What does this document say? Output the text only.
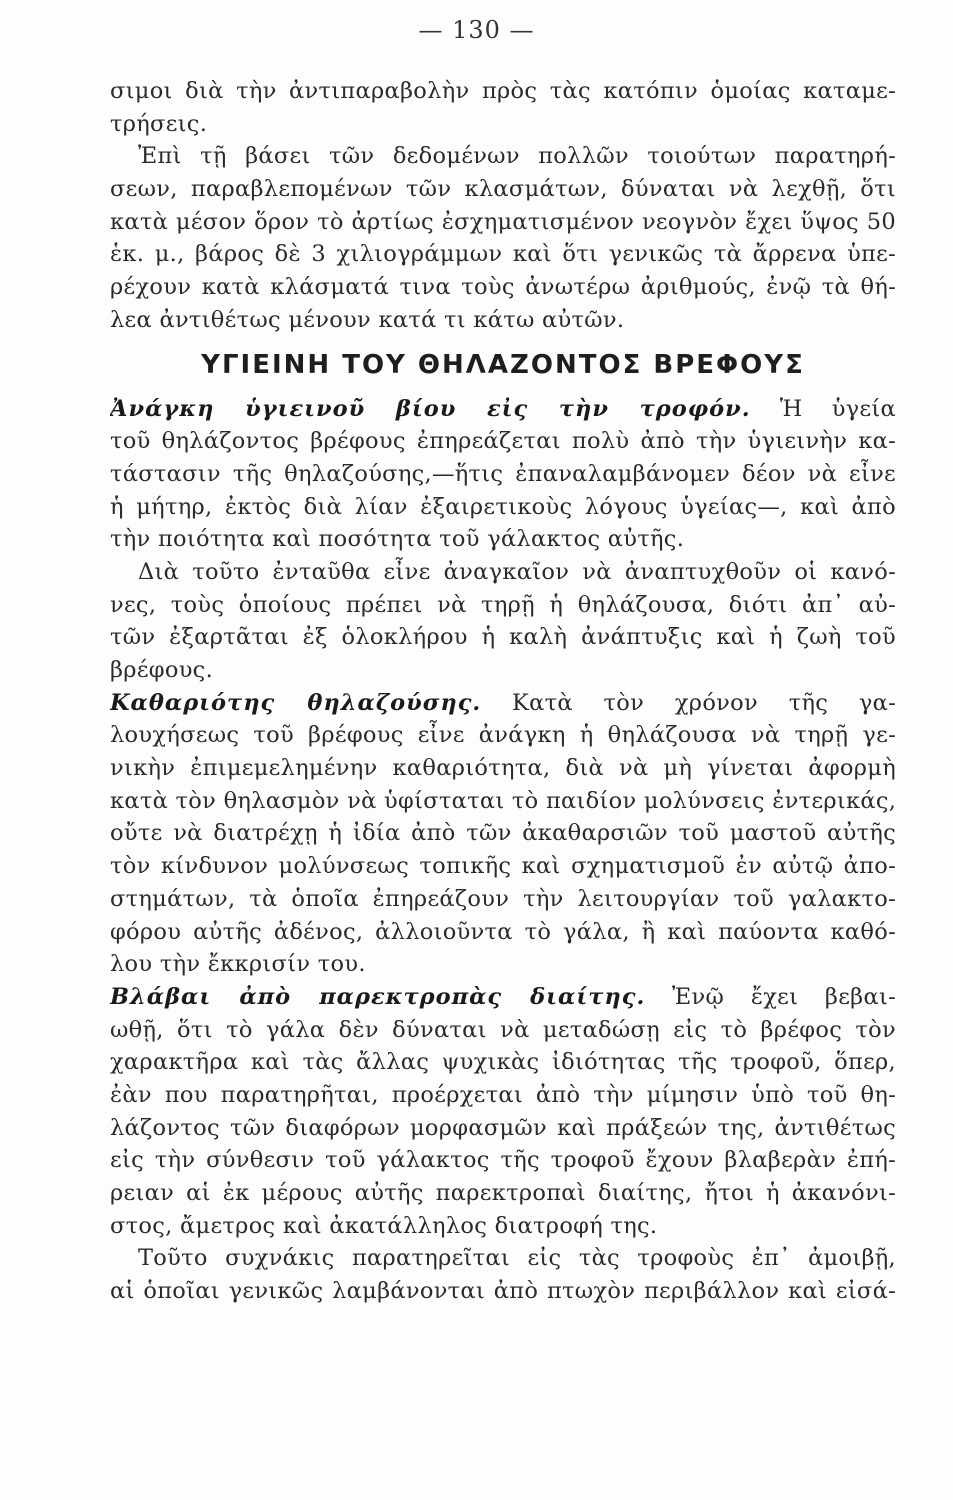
— 130 —
σιμοι διὰ τὴν ἀντιπαραβολὴν πρὸς τὰς κατόπιν ὁμοίας καταμε-
τρήσεις.
Ἐπὶ τῇ βάσει τῶν δεδομένων πολλῶν τοιούτων παρατηρή-
σεων, παραβλεπομένων τῶν κλασμάτων, δύναται νὰ λεχθῇ, ὅτι
κατὰ μέσον ὅρον τὸ ἀρτίως ἐσχηματισμένον νεογνὸν ἔχει ὕψος 50
ἑκ. μ., βάρος δὲ 3 χιλιογράμμων καὶ ὅτι γενικῶς τὰ ἄρρενα ὑπε-
ρέχουν κατὰ κλάσματά τινα τοὺς ἀνωτέρω ἀριθμούς, ἐνῷ τὰ θή-
λεα ἀντιθέτως μένουν κατά τι κάτω αὐτῶν.
ΥΓΙΕΙΝΗ ΤΟΥ ΘΗΛΑΖΟΝΤΟΣ ΒΡΕΦΟΥΣ
Ἀνάγκη ὑγιεινοῦ βίου εἰς τὴν τροφόν. Ἡ ὑγεία
τοῦ θηλάζοντος βρέφους ἐπηρεάζεται πολὺ ἀπὸ τὴν ὑγιεινὴν κα-
τάστασιν τῆς θηλαζούσης,—ἥτις ἐπαναλαμβάνομεν δέον νὰ εἶνε
ἡ μήτηρ, ἐκτὸς διὰ λίαν ἐξαιρετικοὺς λόγους ὑγείας—, καὶ ἀπὸ
τὴν ποιότητα καὶ ποσότητα τοῦ γάλακτος αὐτῆς.
Διὰ τοῦτο ἐνταῦθα εἶνε ἀναγκαῖον νὰ ἀναπτυχθοῦν οἱ κανό-
νες, τοὺς ὁποίους πρέπει νὰ τηρῇ ἡ θηλάζουσα, διότι ἀπ᾽ αὐ-
τῶν ἐξαρτᾶται ἐξ ὁλοκλήρου ἡ καλὴ ἀνάπτυξις καὶ ἡ ζωὴ τοῦ
βρέφους.
Καθαριότης θηλαζούσης. Κατὰ τὸν χρόνον τῆς γα-
λουχήσεως τοῦ βρέφους εἶνε ἀνάγκη ἡ θηλάζουσα νὰ τηρῇ γε-
νικὴν ἐπιμεμελημένην καθαριότητα, διὰ νὰ μὴ γίνεται ἀφορμὴ
κατὰ τὸν θηλασμὸν νὰ ὑφίσταται τὸ παιδίον μολύνσεις ἐντερικάς,
οὔτε νὰ διατρέχῃ ἡ ἰδία ἀπὸ τῶν ἀκαθαρσιῶν τοῦ μαστοῦ αὐτῆς
τὸν κίνδυνον μολύνσεως τοπικῆς καὶ σχηματισμοῦ ἐν αὐτῷ ἀπο-
στημάτων, τὰ ὁποῖα ἐπηρεάζουν τὴν λειτουργίαν τοῦ γαλακτο-
φόρου αὐτῆς ἀδένος, ἀλλοιοῦντα τὸ γάλα, ἢ καὶ παύοντα καθό-
λου τὴν ἔκκρισίν του.
Βλάβαι ἀπὸ παρεκτροπὰς διαίτης. Ἐνῷ ἔχει βεβαι-
ωθῇ, ὅτι τὸ γάλα δὲν δύναται νὰ μεταδώσῃ εἰς τὸ βρέφος τὸν
χαρακτῆρα καὶ τὰς ἄλλας ψυχικὰς ἰδιότητας τῆς τροφοῦ, ὅπερ,
ἐὰν που παρατηρῆται, προέρχεται ἀπὸ τὴν μίμησιν ὑπὸ τοῦ θη-
λάζοντος τῶν διαφόρων μορφασμῶν καὶ πράξεών της, ἀντιθέτως
εἰς τὴν σύνθεσιν τοῦ γάλακτος τῆς τροφοῦ ἔχουν βλαβερὰν ἐπή-
ρειαν αἱ ἐκ μέρους αὐτῆς παρεκτροπαὶ διαίτης, ἤτοι ἡ ἀκανόνι-
στος, ἄμετρος καὶ ἀκατάλληλος διατροφή της.
Τοῦτο συχνάκις παρατηρεῖται εἰς τὰς τροφοὺς ἐπ᾽ ἀμοιβῇ,
αἱ ὁποῖαι γενικῶς λαμβάνονται ἀπὸ πτωχὸν περιβάλλον καὶ εἰσά-
